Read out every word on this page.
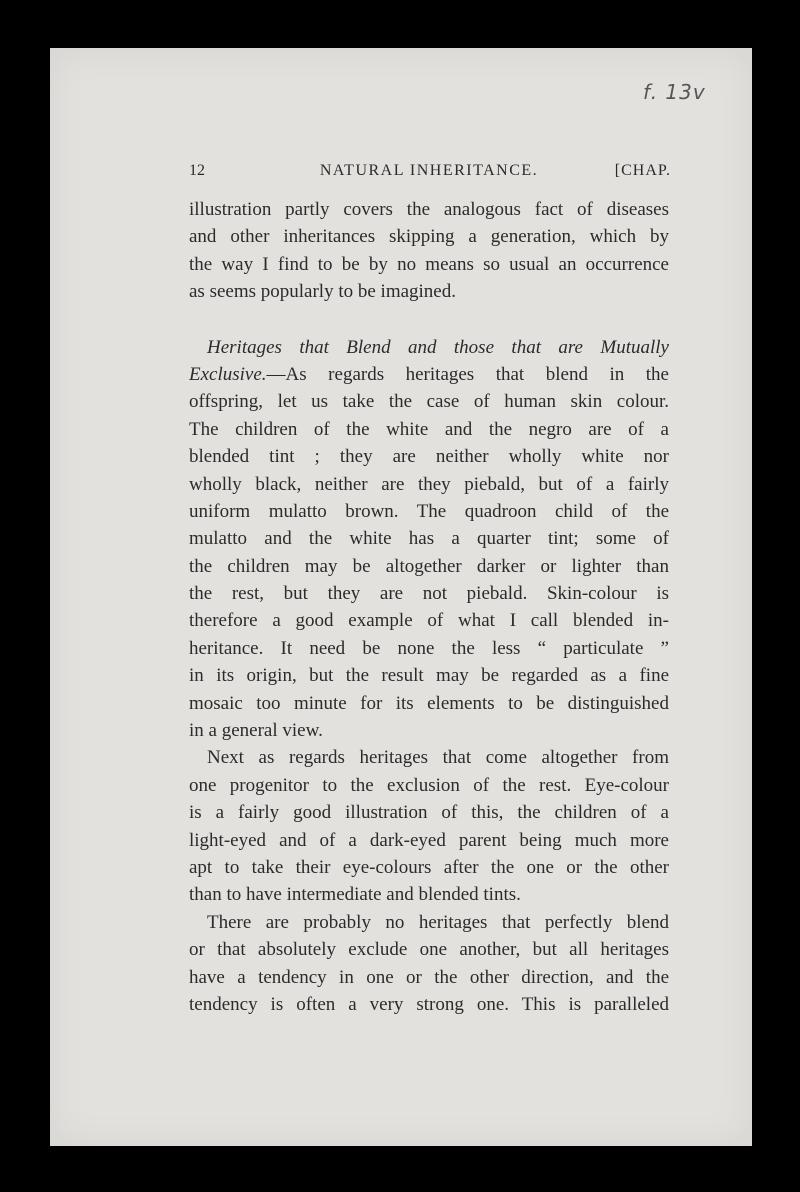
f. 13v
12	NATURAL INHERITANCE.	[CHAP.
illustration partly covers the analogous fact of diseases
and other inheritances skipping a generation, which by
the way I find to be by no means so usual an occurrence
as seems popularly to be imagined.
Heritages that Blend and those that are Mutually
Exclusive.—As regards heritages that blend in the
offspring, let us take the case of human skin colour.
The children of the white and the negro are of a
blended tint ; they are neither wholly white nor
wholly black, neither are they piebald, but of a fairly
uniform mulatto brown. The quadroon child of the
mulatto and the white has a quarter tint; some of
the children may be altogether darker or lighter than
the rest, but they are not piebald. Skin-colour is
therefore a good example of what I call blended in-
heritance. It need be none the less “ particulate ”
in its origin, but the result may be regarded as a fine
mosaic too minute for its elements to be distinguished
in a general view.
Next as regards heritages that come altogether from
one progenitor to the exclusion of the rest. Eye-colour
is a fairly good illustration of this, the children of a
light-eyed and of a dark-eyed parent being much more
apt to take their eye-colours after the one or the other
than to have intermediate and blended tints.
There are probably no heritages that perfectly blend
or that absolutely exclude one another, but all heritages
have a tendency in one or the other direction, and the
tendency is often a very strong one. This is paralleled
